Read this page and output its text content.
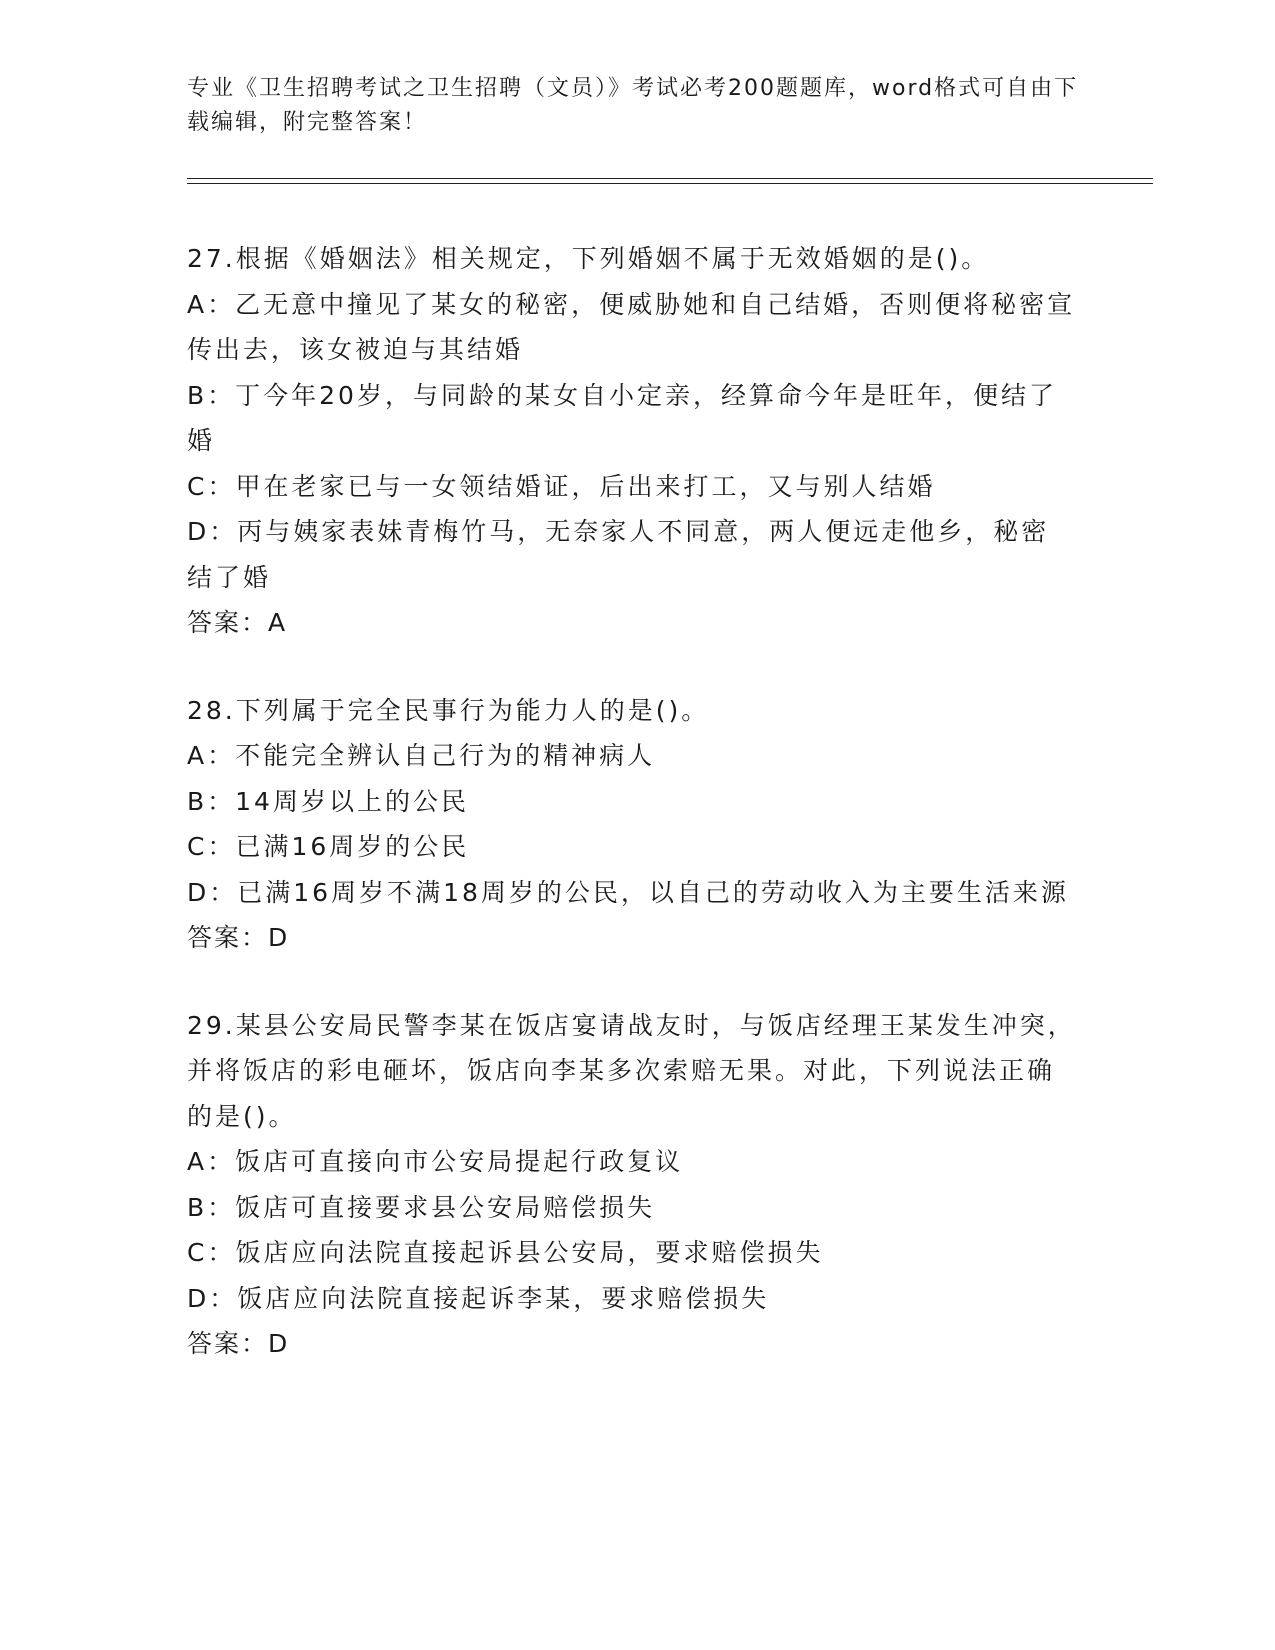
专业《卫生招聘考试之卫生招聘（文员）》考试必考200题题库，word格式可自由下载编辑，附完整答案！
27.根据《婚姻法》相关规定，下列婚姻不属于无效婚姻的是()。
A：乙无意中撞见了某女的秘密，便威胁她和自己结婚，否则便将秘密宣传出去，该女被迫与其结婚
B：丁今年20岁，与同龄的某女自小定亲，经算命今年是旺年，便结了婚
C：甲在老家已与一女领结婚证，后出来打工，又与别人结婚
D：丙与姨家表妹青梅竹马，无奈家人不同意，两人便远走他乡，秘密结了婚
答案：A
28.下列属于完全民事行为能力人的是()。
A：不能完全辨认自己行为的精神病人
B：14周岁以上的公民
C：已满16周岁的公民
D：已满16周岁不满18周岁的公民，以自己的劳动收入为主要生活来源
答案：D
29.某县公安局民警李某在饭店宴请战友时，与饭店经理王某发生冲突，并将饭店的彩电砸坏，饭店向李某多次索赔无果。对此，下列说法正确的是()。
A：饭店可直接向市公安局提起行政复议
B：饭店可直接要求县公安局赔偿损失
C：饭店应向法院直接起诉县公安局，要求赔偿损失
D：饭店应向法院直接起诉李某，要求赔偿损失
答案：D
